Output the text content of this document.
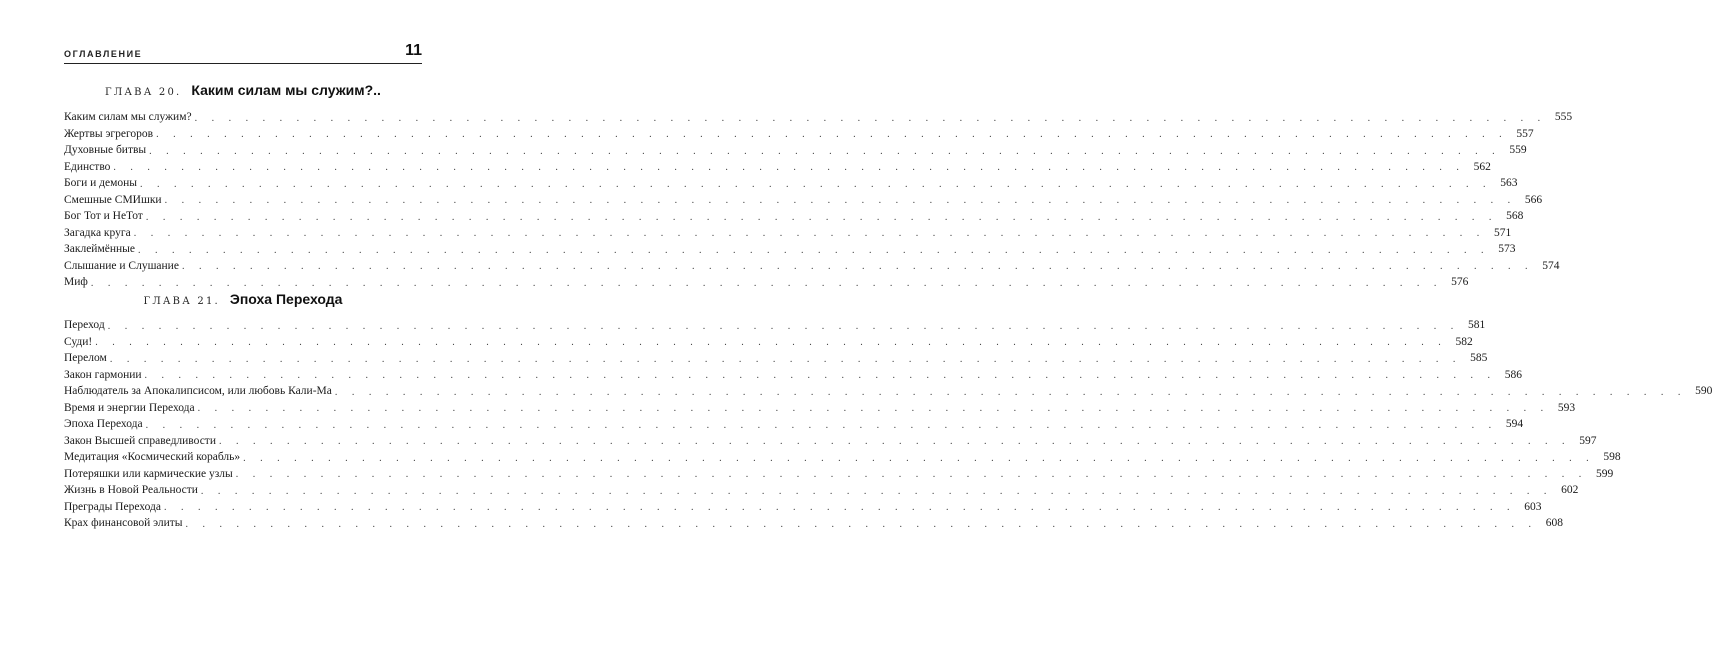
ОГЛАВЛЕНИЕ	11
ГЛАВА 20. Каким силам мы служим?..
Каким силам мы служим? . . . . . . . . . . . . . . . . . . . . . . . . . . . . . . . . . . . . . . . . . . . . . . . . . . . . . . . . . . . . . . . . . . . . . . . . . . . . . . . . 555
Жертвы эгрегоров . . . . . . . . . . . . . . . . . . . . . . . . . . . . . . . . . . . . . . . . . . . . . . . . . . . . . . . . . . . . . . . . . . . . . . . . . . . . . . . . 557
Духовные битвы . . . . . . . . . . . . . . . . . . . . . . . . . . . . . . . . . . . . . . . . . . . . . . . . . . . . . . . . . . . . . . . . . . . . . . . . . . . . . . . . 559
Единство . . . . . . . . . . . . . . . . . . . . . . . . . . . . . . . . . . . . . . . . . . . . . . . . . . . . . . . . . . . . . . . . . . . . . . . . . . . . . . . . 562
Боги и демоны . . . . . . . . . . . . . . . . . . . . . . . . . . . . . . . . . . . . . . . . . . . . . . . . . . . . . . . . . . . . . . . . . . . . . . . . . . . . . . . . 563
Смешные СМИшки . . . . . . . . . . . . . . . . . . . . . . . . . . . . . . . . . . . . . . . . . . . . . . . . . . . . . . . . . . . . . . . . . . . . . . . . . . . . . . . . 566
Бог Тот и НеТот . . . . . . . . . . . . . . . . . . . . . . . . . . . . . . . . . . . . . . . . . . . . . . . . . . . . . . . . . . . . . . . . . . . . . . . . . . . . . . . . 568
Загадка круга . . . . . . . . . . . . . . . . . . . . . . . . . . . . . . . . . . . . . . . . . . . . . . . . . . . . . . . . . . . . . . . . . . . . . . . . . . . . . . . . 571
Заклеймённые . . . . . . . . . . . . . . . . . . . . . . . . . . . . . . . . . . . . . . . . . . . . . . . . . . . . . . . . . . . . . . . . . . . . . . . . . . . . . . . . 573
Слышание и Слушание . . . . . . . . . . . . . . . . . . . . . . . . . . . . . . . . . . . . . . . . . . . . . . . . . . . . . . . . . . . . . . . . . . . . . . . . . . . . . . . . 574
Миф . . . . . . . . . . . . . . . . . . . . . . . . . . . . . . . . . . . . . . . . . . . . . . . . . . . . . . . . . . . . . . . . . . . . . . . . . . . . . . . . 576
ГЛАВА 21. Эпоха Перехода
Переход . . . . . . . . . . . . . . . . . . . . . . . . . . . . . . . . . . . . . . . . . . . . . . . . . . . . . . . . . . . . . . . . . . . . . . . . . . . . . . . . 581
Суди! . . . . . . . . . . . . . . . . . . . . . . . . . . . . . . . . . . . . . . . . . . . . . . . . . . . . . . . . . . . . . . . . . . . . . . . . . . . . . . . . 582
Перелом . . . . . . . . . . . . . . . . . . . . . . . . . . . . . . . . . . . . . . . . . . . . . . . . . . . . . . . . . . . . . . . . . . . . . . . . . . . . . . . . 585
Закон гармонии . . . . . . . . . . . . . . . . . . . . . . . . . . . . . . . . . . . . . . . . . . . . . . . . . . . . . . . . . . . . . . . . . . . . . . . . . . . . . . . . 586
Наблюдатель за Апокалипсисом, или любовь Кали-Ма . . . . . . . . . . . . . . . . . . . . . . . . . . . . . . . . . . . . . . . . . . . . . . . . . . . . . . . . . . . . . . . . . . . . . . . . . . . . . . . . 590
Время и энергии Перехода . . . . . . . . . . . . . . . . . . . . . . . . . . . . . . . . . . . . . . . . . . . . . . . . . . . . . . . . . . . . . . . . . . . . . . . . . . . . . . . . 593
Эпоха Перехода . . . . . . . . . . . . . . . . . . . . . . . . . . . . . . . . . . . . . . . . . . . . . . . . . . . . . . . . . . . . . . . . . . . . . . . . . . . . . . . . 594
Закон Высшей справедливости . . . . . . . . . . . . . . . . . . . . . . . . . . . . . . . . . . . . . . . . . . . . . . . . . . . . . . . . . . . . . . . . . . . . . . . . . . . . . . . . 597
Медитация «Космический корабль» . . . . . . . . . . . . . . . . . . . . . . . . . . . . . . . . . . . . . . . . . . . . . . . . . . . . . . . . . . . . . . . . . . . . . . . . . . . . . . . . 598
Потеряшки или кармические узлы . . . . . . . . . . . . . . . . . . . . . . . . . . . . . . . . . . . . . . . . . . . . . . . . . . . . . . . . . . . . . . . . . . . . . . . . . . . . . . . . 599
Жизнь в Новой Реальности . . . . . . . . . . . . . . . . . . . . . . . . . . . . . . . . . . . . . . . . . . . . . . . . . . . . . . . . . . . . . . . . . . . . . . . . . . . . . . . . 602
Преграды Перехода . . . . . . . . . . . . . . . . . . . . . . . . . . . . . . . . . . . . . . . . . . . . . . . . . . . . . . . . . . . . . . . . . . . . . . . . . . . . . . . . 603
Крах финансовой элиты . . . . . . . . . . . . . . . . . . . . . . . . . . . . . . . . . . . . . . . . . . . . . . . . . . . . . . . . . . . . . . . . . . . . . . . . . . . . . . . . 608
